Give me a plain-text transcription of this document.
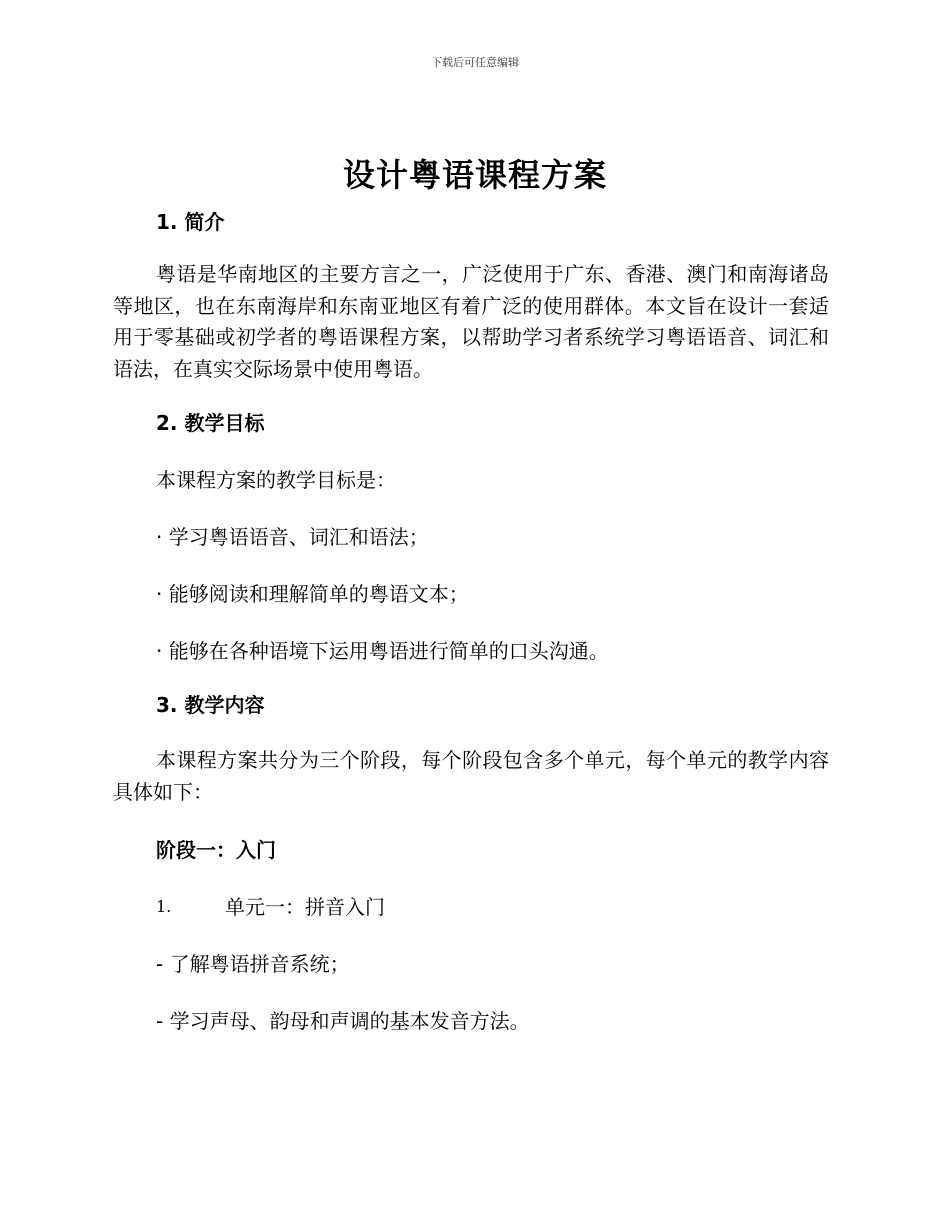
下载后可任意编辑
设计粤语课程方案

1. 简介

粤语是华南地区的主要方言之一，广泛使用于广东、香港、澳门和南海诸岛等地区，也在东南海岸和东南亚地区有着广泛的使用群体。本文旨在设计一套适用于零基础或初学者的粤语课程方案，以帮助学习者系统学习粤语语音、词汇和语法，在真实交际场景中使用粤语。

2. 教学目标

本课程方案的教学目标是：

· 学习粤语语音、词汇和语法；

· 能够阅读和理解简单的粤语文本；

· 能够在各种语境下运用粤语进行简单的口头沟通。

3. 教学内容

本课程方案共分为三个阶段，每个阶段包含多个单元，每个单元的教学内容具体如下：

阶段一：入门

1.	单元一：拼音入门

- 了解粤语拼音系统；

- 学习声母、韵母和声调的基本发音方法。
